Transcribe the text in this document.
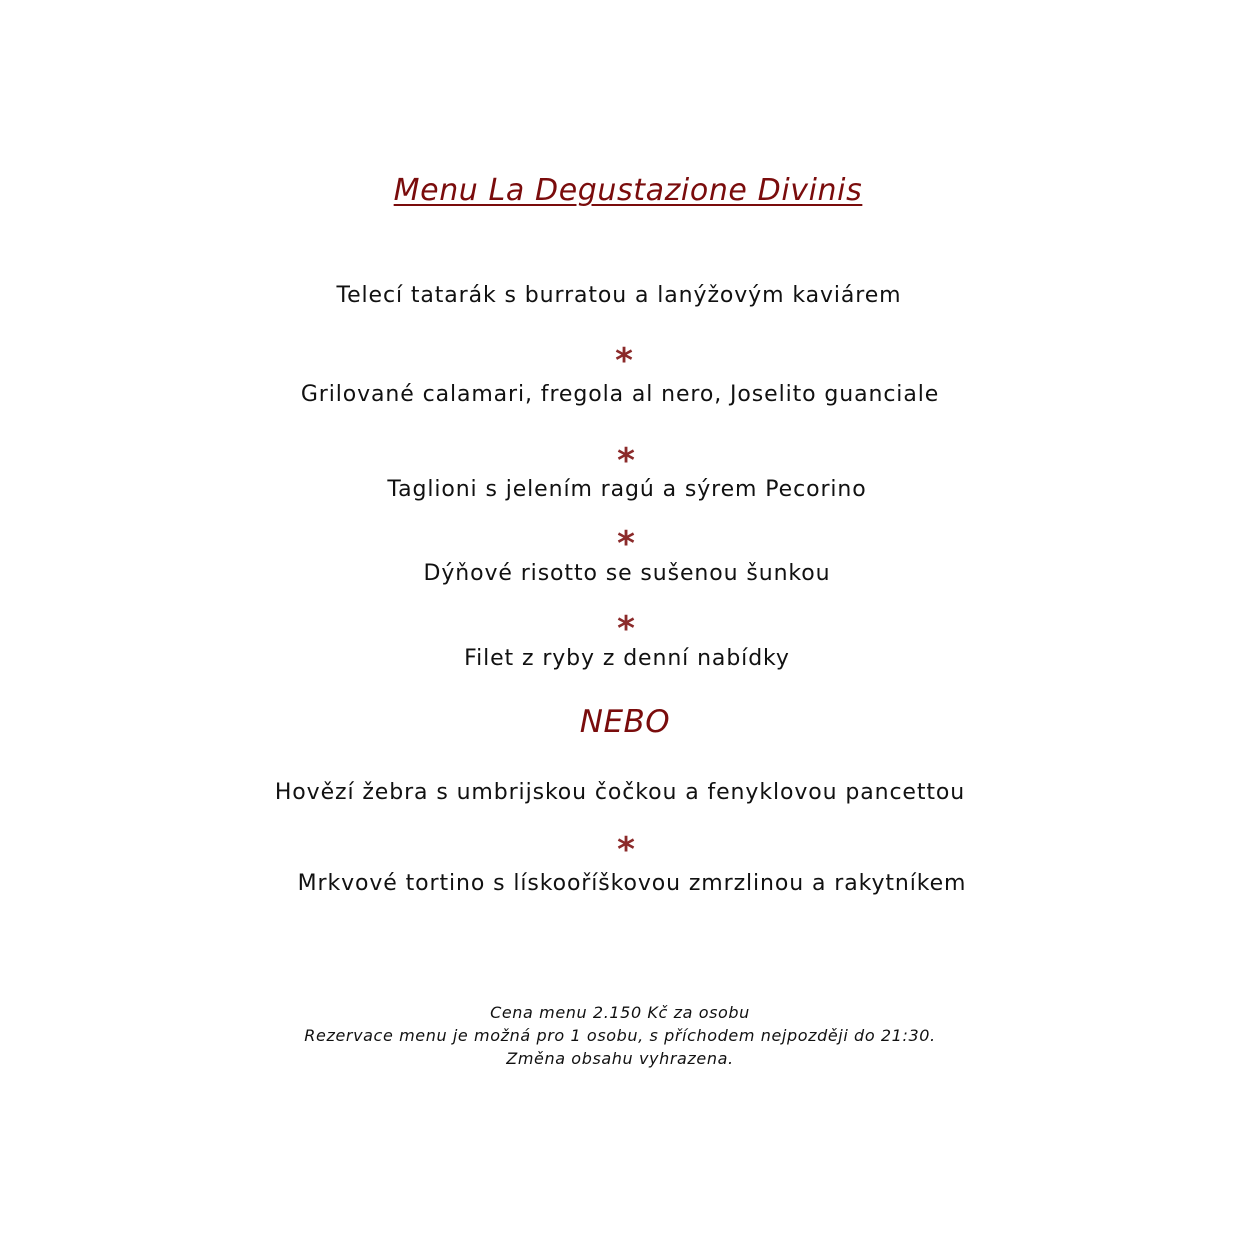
Menu La Degustazione Divinis
Telecí tatarák s burratou a lanýžovým kaviárem
*
Grilované calamari, fregola al nero, Joselito guanciale
*
Taglioni s jelením ragú a sýrem Pecorino
*
Dýňové risotto se sušenou šunkou
*
Filet z ryby z denní nabídky
NEBO
Hovězí žebra s umbrijskou čočkou a fenyklovou pancettou
*
Mrkvové tortino s lískooříškovou zmrzlinou a rakytníkem
Cena menu 2.150 Kč za osobu
Rezervace menu je možná pro 1 osobu, s příchodem nejpozději do 21:30.
Změna obsahu vyhrazena.
